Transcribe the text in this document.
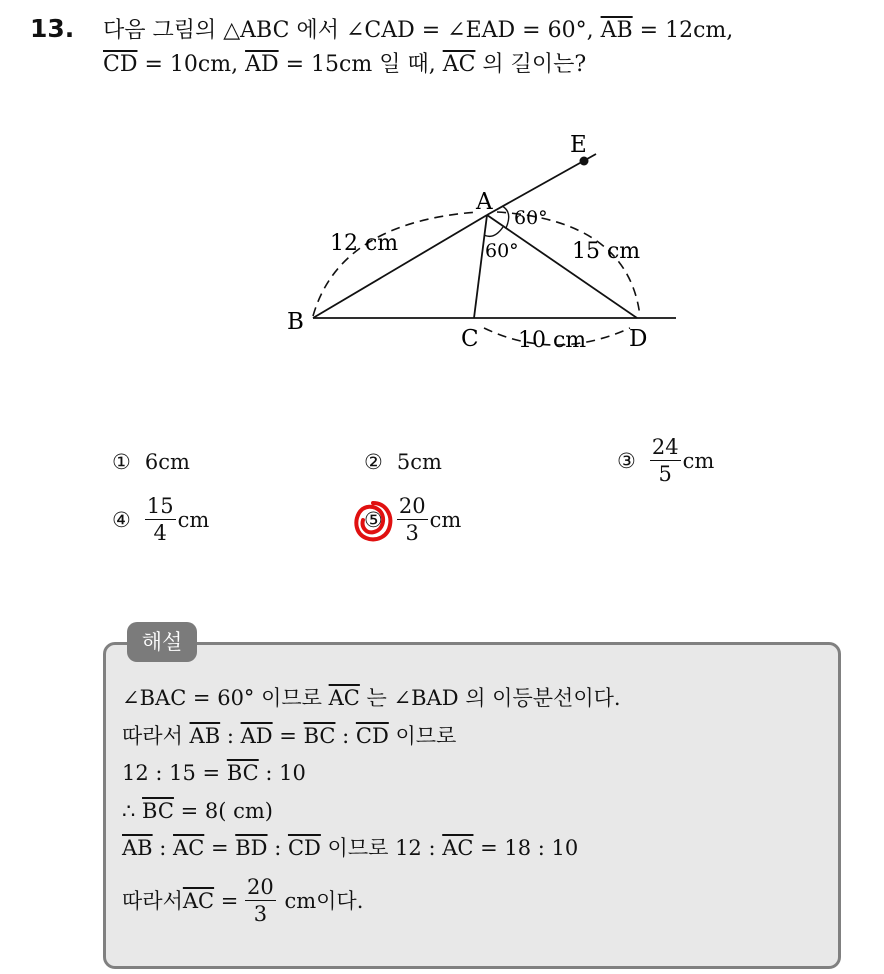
13. 다음 그림의 △ABC 에서 ∠CAD = ∠EAD = 60°, $\overline{AB} = 12cm$,
$\overline{CD} = 10cm$, $\overline{AD} = 15cm$ 일 때, $\overline{AC}$ 의 길이는?
A
B
C	D
E
60°
60°
12 cm	15 cm
10 cm
① 6cm	② 5cm	③ $\frac{24}{5}$ cm
④ $\frac{15}{4}$ cm	⑤ $\frac{20}{3}$ cm
해설
∠BAC = 60° 이므로 $\overline{AC}$ 는 ∠BAD 의 이등분선이다.
따라서 $\overline{AB}$ : $\overline{AD} = \overline{BC}$ : $\overline{CD}$ 이므로
12 : $15 = \overline{BC}$ : 10
∴ $\overline{BC} = 8$( cm)
$\overline{AB}$ : $\overline{AC} = \overline{BD}$ : $\overline{CD}$ 이므로 12 : $\overline{AC} = 18$ : 10
따라서 $\overline{AC} = \frac{20}{3}$ cm이다.
